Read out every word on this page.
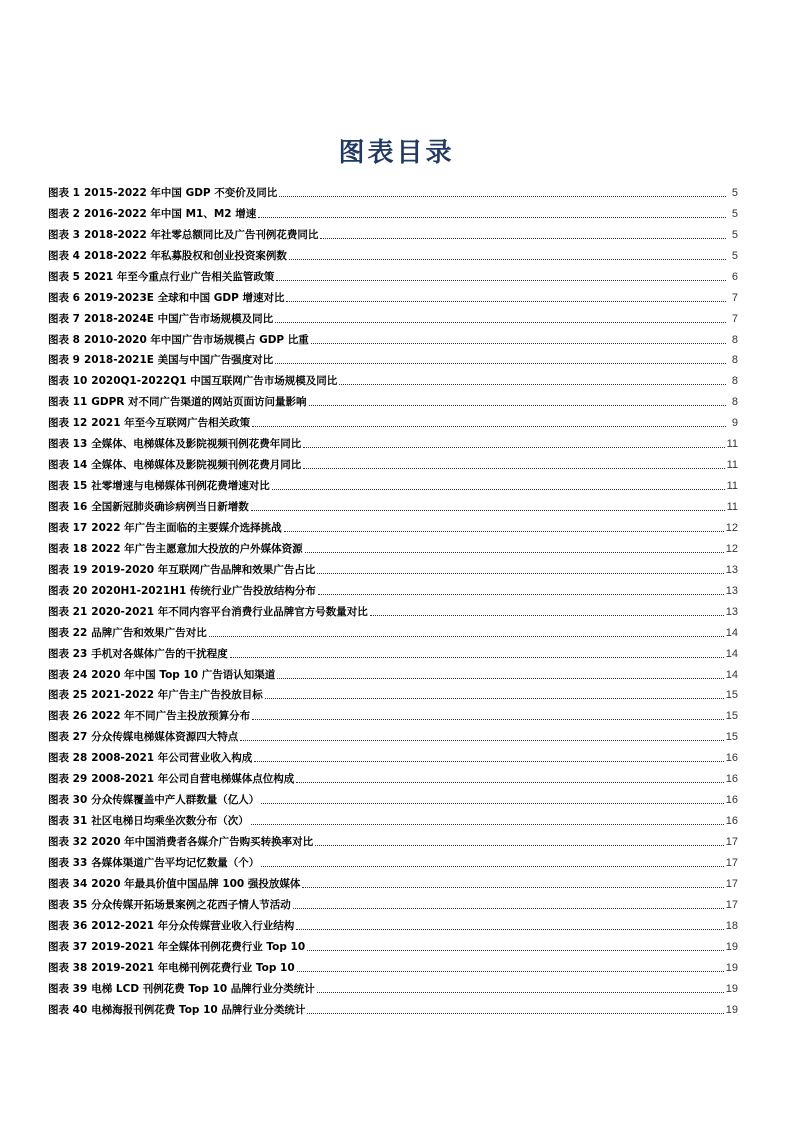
图表目录
图表 1 2015-2022 年中国 GDP 不变价及同比	5
图表 2 2016-2022 年中国 M1、M2 增速	5
图表 3 2018-2022 年社零总额同比及广告刊例花费同比	5
图表 4 2018-2022 年私募股权和创业投资案例数	5
图表 5 2021 年至今重点行业广告相关监管政策	6
图表 6 2019-2023E 全球和中国 GDP 增速对比	7
图表 7 2018-2024E 中国广告市场规模及同比	7
图表 8 2010-2020 年中国广告市场规模占 GDP 比重	8
图表 9 2018-2021E 美国与中国广告强度对比	8
图表 10 2020Q1-2022Q1 中国互联网广告市场规模及同比	8
图表 11 GDPR 对不同广告渠道的网站页面访问量影响	8
图表 12 2021 年至今互联网广告相关政策	9
图表 13 全媒体、电梯媒体及影院视频刊例花费年同比	11
图表 14 全媒体、电梯媒体及影院视频刊例花费月同比	11
图表 15 社零增速与电梯媒体刊例花费增速对比	11
图表 16 全国新冠肺炎确诊病例当日新增数	11
图表 17 2022 年广告主面临的主要媒介选择挑战	12
图表 18 2022 年广告主愿意加大投放的户外媒体资源	12
图表 19 2019-2020 年互联网广告品牌和效果广告占比	13
图表 20 2020H1-2021H1 传统行业广告投放结构分布	13
图表 21 2020-2021 年不同内容平台消费行业品牌官方号数量对比	13
图表 22 品牌广告和效果广告对比	14
图表 23 手机对各媒体广告的干扰程度	14
图表 24 2020 年中国 Top 10 广告语认知渠道	14
图表 25 2021-2022 年广告主广告投放目标	15
图表 26 2022 年不同广告主投放预算分布	15
图表 27 分众传媒电梯媒体资源四大特点	15
图表 28 2008-2021 年公司营业收入构成	16
图表 29 2008-2021 年公司自营电梯媒体点位构成	16
图表 30 分众传媒覆盖中产人群数量（亿人）	16
图表 31 社区电梯日均乘坐次数分布（次）	16
图表 32 2020 年中国消费者各媒介广告购买转换率对比	17
图表 33 各媒体渠道广告平均记忆数量（个）	17
图表 34 2020 年最具价值中国品牌 100 强投放媒体	17
图表 35 分众传媒开拓场景案例之花西子情人节活动	17
图表 36 2012-2021 年分众传媒营业收入行业结构	18
图表 37 2019-2021 年全媒体刊例花费行业 Top 10	19
图表 38 2019-2021 年电梯刊例花费行业 Top 10	19
图表 39 电梯 LCD 刊例花费 Top 10 品牌行业分类统计	19
图表 40 电梯海报刊例花费 Top 10 品牌行业分类统计	19
